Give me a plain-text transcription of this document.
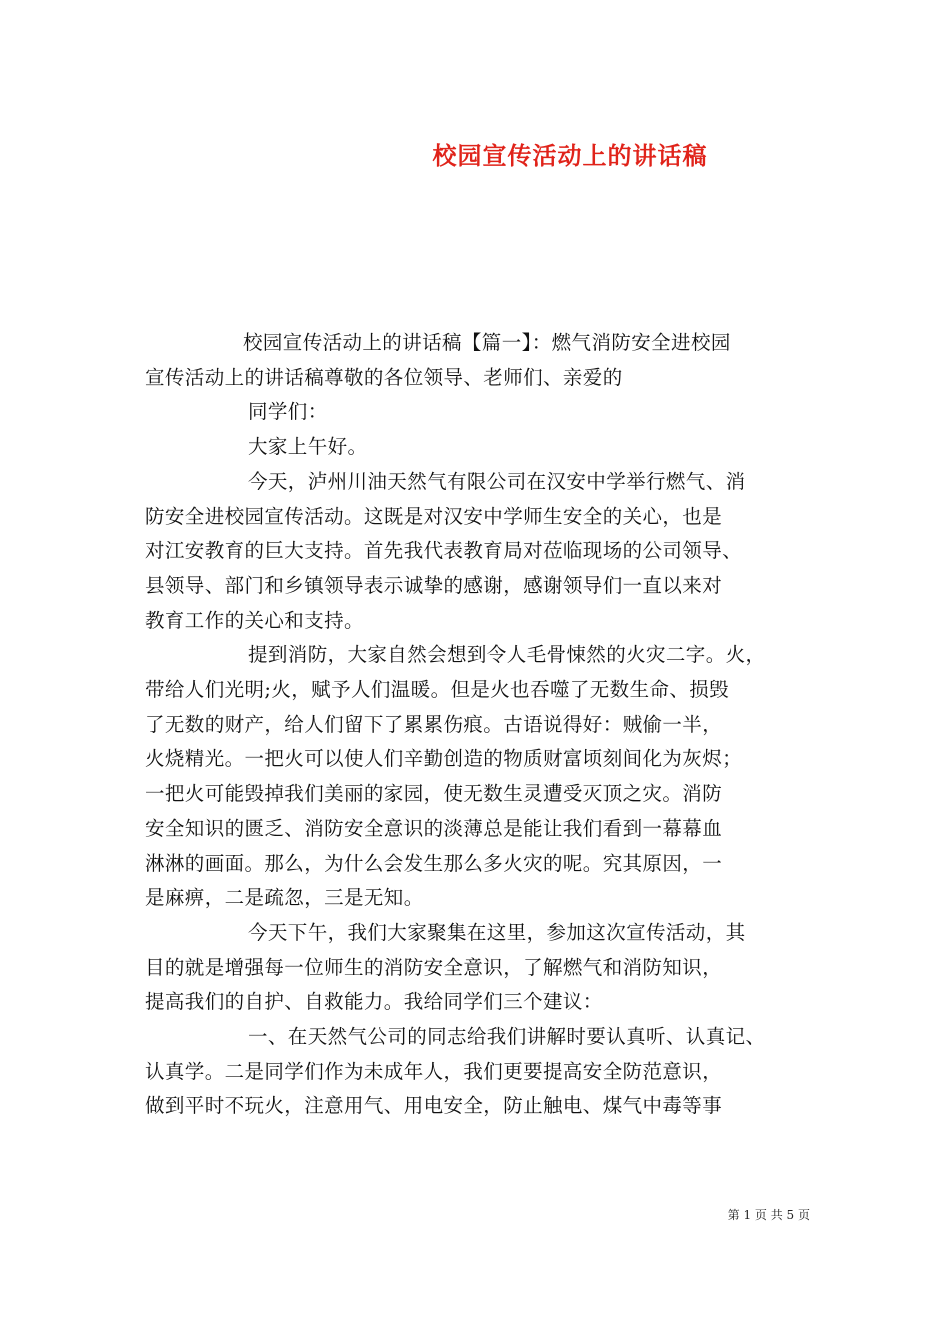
校园宣传活动上的讲话稿
校园宣传活动上的讲话稿【篇一】：燃气消防安全进校园
宣传活动上的讲话稿尊敬的各位领导、老师们、亲爱的
同学们：
大家上午好。
今天，泸州川油天然气有限公司在汉安中学举行燃气、消
防安全进校园宣传活动。这既是对汉安中学师生安全的关心，也是
对江安教育的巨大支持。首先我代表教育局对莅临现场的公司领导、
县领导、部门和乡镇领导表示诚挚的感谢，感谢领导们一直以来对
教育工作的关心和支持。
提到消防，大家自然会想到令人毛骨悚然的火灾二字。火，
带给人们光明;火，赋予人们温暖。但是火也吞噬了无数生命、损毁
了无数的财产，给人们留下了累累伤痕。古语说得好：贼偷一半，
火烧精光。一把火可以使人们辛勤创造的物质财富顷刻间化为灰烬；
一把火可能毁掉我们美丽的家园，使无数生灵遭受灭顶之灾。消防
安全知识的匮乏、消防安全意识的淡薄总是能让我们看到一幕幕血
淋淋的画面。那么，为什么会发生那么多火灾的呢。究其原因，一
是麻痹，二是疏忽，三是无知。
今天下午，我们大家聚集在这里，参加这次宣传活动，其
目的就是增强每一位师生的消防安全意识，了解燃气和消防知识，
提高我们的自护、自救能力。我给同学们三个建议：
一、在天然气公司的同志给我们讲解时要认真听、认真记、
认真学。二是同学们作为未成年人，我们更要提高安全防范意识，
做到平时不玩火，注意用气、用电安全，防止触电、煤气中毒等事
第 1 页 共 5 页
